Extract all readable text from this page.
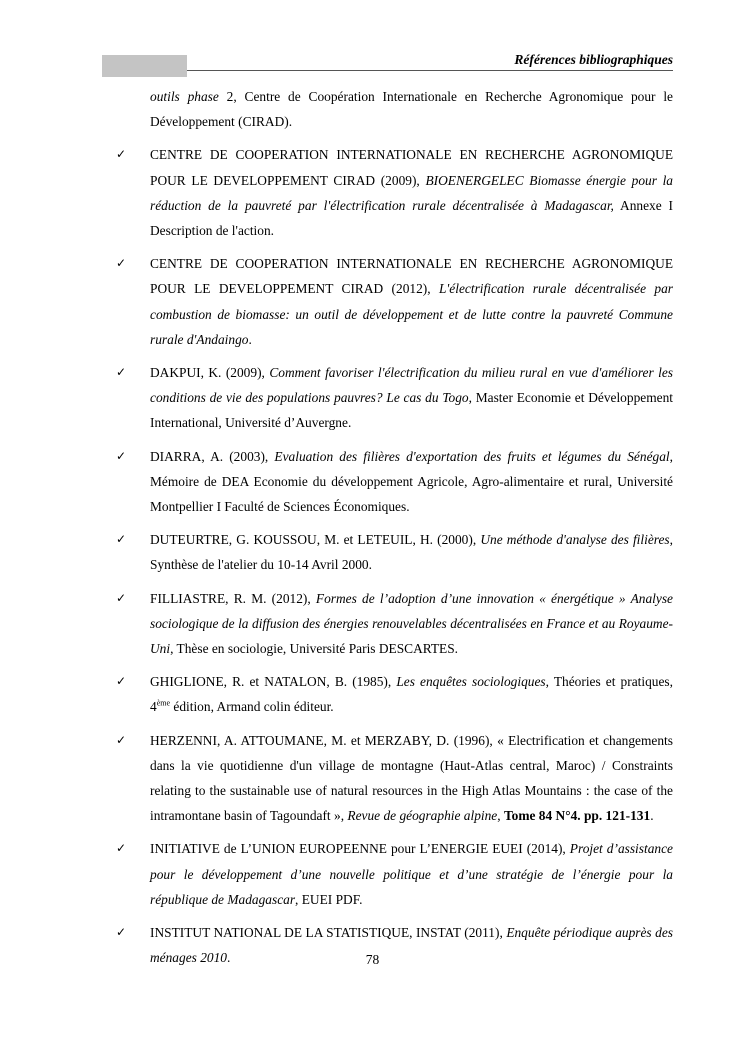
Références bibliographiques

outils phase 2, Centre de Coopération Internationale en Recherche Agronomique pour le Développement (CIRAD).

✓ CENTRE DE COOPERATION INTERNATIONALE EN RECHERCHE AGRONOMIQUE POUR LE DEVELOPPEMENT CIRAD (2009), BIOENERGELEC Biomasse énergie pour la réduction de la pauvreté par l'électrification rurale décentralisée à Madagascar, Annexe I Description de l'action.

✓ CENTRE DE COOPERATION INTERNATIONALE EN RECHERCHE AGRONOMIQUE POUR LE DEVELOPPEMENT CIRAD (2012), L'électrification rurale décentralisée par combustion de biomasse: un outil de développement et de lutte contre la pauvreté Commune rurale d'Andaingo.

✓ DAKPUI, K. (2009), Comment favoriser l'électrification du milieu rural en vue d'améliorer les conditions de vie des populations pauvres? Le cas du Togo, Master Economie et Développement International, Université d’Auvergne.

✓ DIARRA, A. (2003), Evaluation des filières d'exportation des fruits et légumes du Sénégal, Mémoire de DEA Economie du développement Agricole, Agro-alimentaire et rural, Université Montpellier I Faculté de Sciences Économiques.

✓ DUTEURTRE, G. KOUSSOU, M. et LETEUIL, H. (2000), Une méthode d'analyse des filières, Synthèse de l'atelier du 10-14 Avril 2000.

✓ FILLIASTRE, R. M. (2012), Formes de l’adoption d’une innovation « énergétique » Analyse sociologique de la diffusion des énergies renouvelables décentralisées en France et au Royaume-Uni, Thèse en sociologie, Université Paris DESCARTES.

✓ GHIGLIONE, R. et NATALON, B. (1985), Les enquêtes sociologiques, Théories et pratiques, 4ème édition, Armand colin éditeur.

✓ HERZENNI, A. ATTOUMANE, M. et MERZABY, D. (1996), « Electrification et changements dans la vie quotidienne d'un village de montagne (Haut-Atlas central, Maroc) / Constraints relating to the sustainable use of natural resources in the High Atlas Mountains : the case of the intramontane basin of Tagoundaft », Revue de géographie alpine, Tome 84 N°4. pp. 121-131.

✓ INITIATIVE de L’UNION EUROPEENNE pour L’ENERGIE EUEI (2014), Projet d’assistance pour le développement d’une nouvelle politique et d’une stratégie de l’énergie pour la république de Madagascar, EUEI PDF.

✓ INSTITUT NATIONAL DE LA STATISTIQUE, INSTAT (2011), Enquête périodique auprès des ménages 2010.	78
